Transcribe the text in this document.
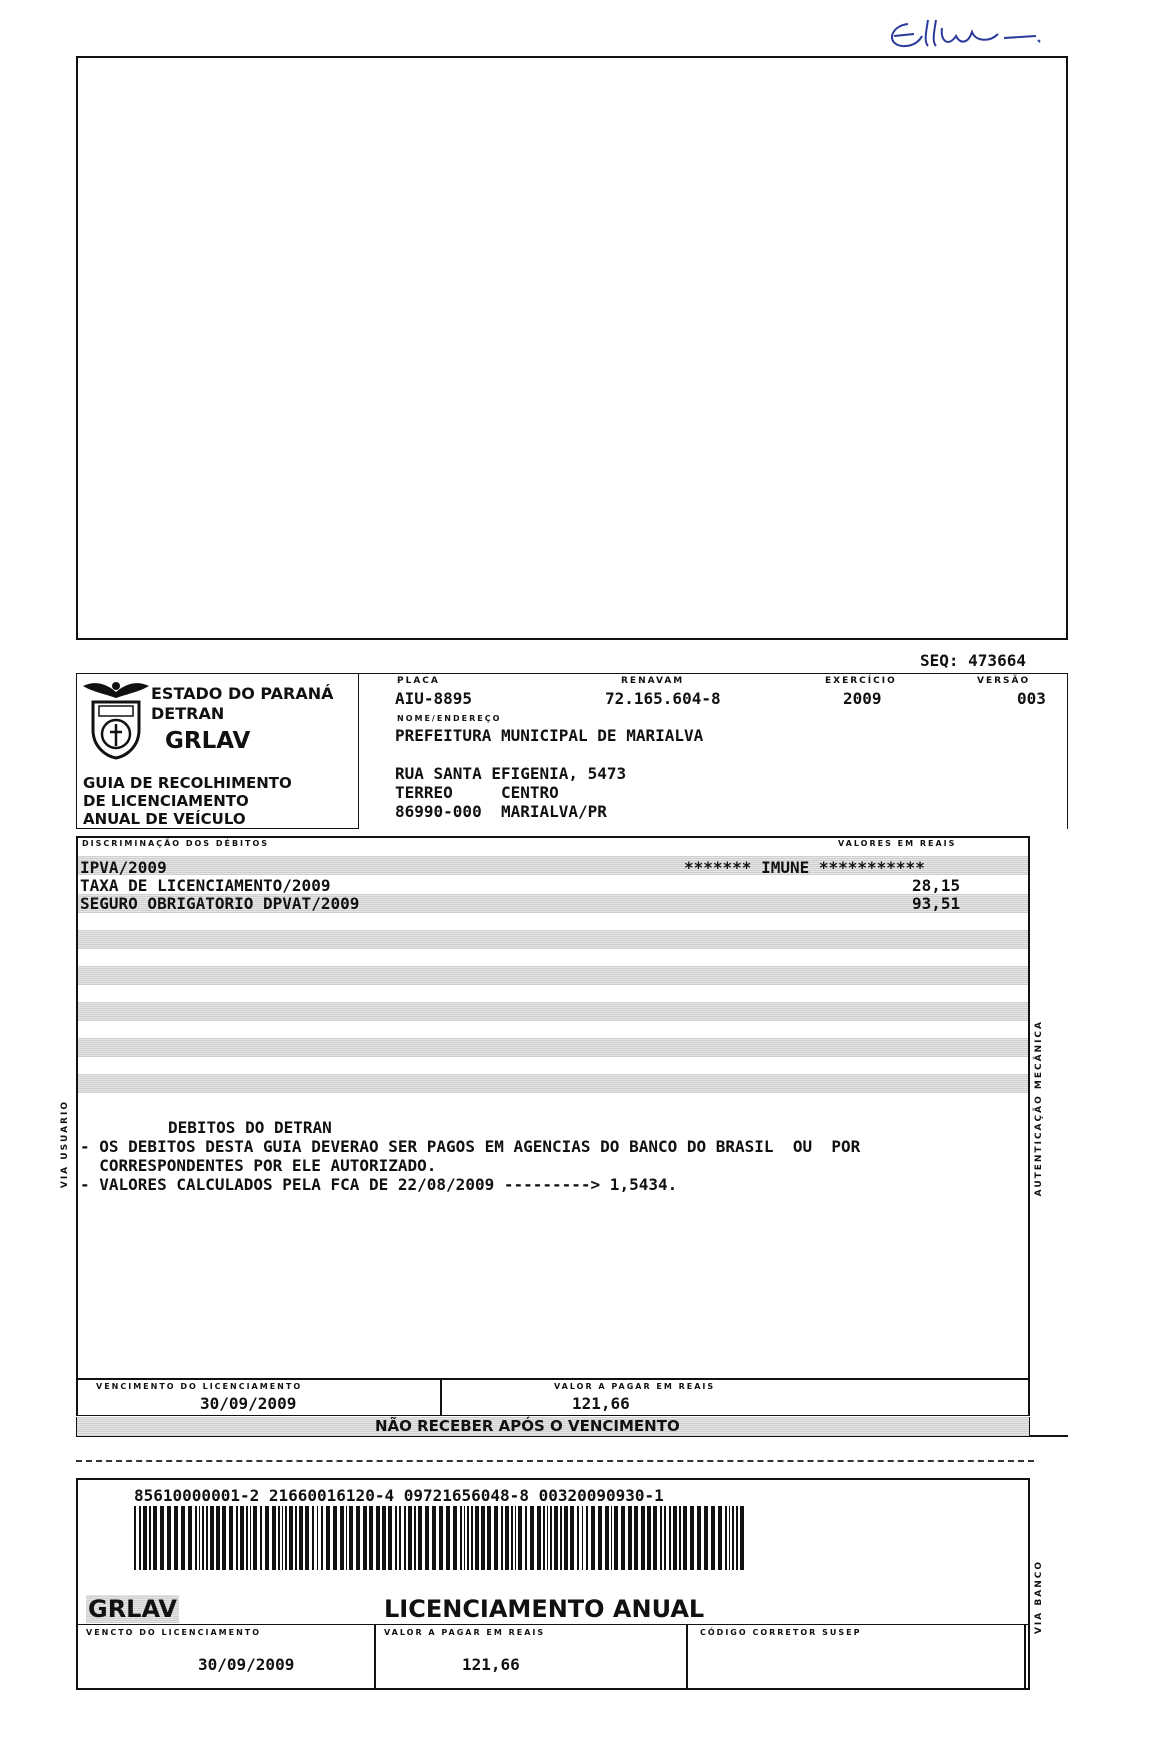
SEQ: 473664
ESTADO DO PARANÁ
DETRAN
GRLAV
GUIA DE RECOLHIMENTO
DE LICENCIAMENTO
ANUAL DE VEÍCULO
PLACA
AIU-8895
RENAVAM
72.165.604-8
EXERCÍCIO
2009
VERSÃO
003
NOME/ENDEREÇO
PREFEITURA MUNICIPAL DE MARIALVA
RUA SANTA EFIGENIA, 5473
TERREO     CENTRO
86990-000  MARIALVA/PR
DISCRIMINAÇÃO DOS DÉBITOS	VALORES EM REAIS
IPVA/2009	******* IMUNE ***********
TAXA DE LICENCIAMENTO/2009	28,15
SEGURO OBRIGATORIO DPVAT/2009	93,51
DEBITOS DO DETRAN
- OS DEBITOS DESTA GUIA DEVERAO SER PAGOS EM AGENCIAS DO BANCO DO BRASIL  OU  POR
CORRESPONDENTES POR ELE AUTORIZADO.
- VALORES CALCULADOS PELA FCA DE 22/08/2009 ---------> 1,5434.
VIA USUARIO	AUTENTICAÇÃO MECÂNICA
VENCIMENTO DO LICENCIAMENTO
30/09/2009
VALOR A PAGAR EM REAIS
121,66
NÃO RECEBER APÓS O VENCIMENTO
85610000001-2 21660016120-4 09721656048-8 00320090930-1
GRLAV	LICENCIAMENTO ANUAL
VENCTO DO LICENCIAMENTO
30/09/2009
VALOR A PAGAR EM REAIS
121,66
CÓDIGO CORRETOR SUSEP	VIA BANCO
